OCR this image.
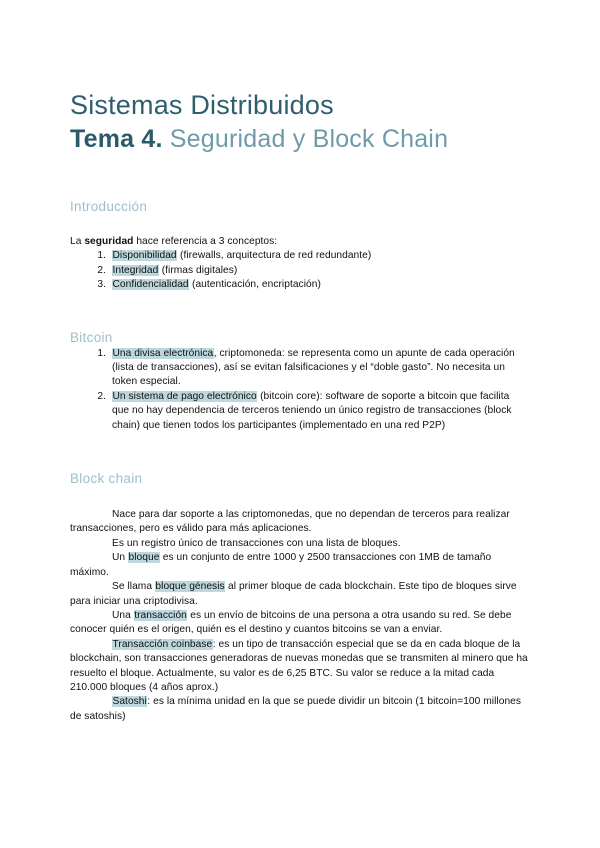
Sistemas Distribuidos
Tema 4. Seguridad y Block Chain
Introducción

La seguridad hace referencia a 3 conceptos:

1. Disponibilidad (firewalls, arquitectura de red redundante)
2. Integridad (firmas digitales)
3. Confidencialidad (autenticación, encriptación)
Bitcoin
1. Una divisa electrónica, criptomoneda: se representa como un apunte de cada operación (lista de transacciones), así se evitan falsificaciones y el “doble gasto”. No necesita un token especial.
2. Un sistema de pago electrónico (bitcoin core): software de soporte a bitcoin que facilita que no hay dependencia de terceros teniendo un único registro de transacciones (block chain) que tienen todos los participantes (implementado en una red P2P)
Block chain

Nace para dar soporte a las criptomonedas, que no dependan de terceros para realizar transacciones, pero es válido para más aplicaciones.

Es un registro único de transacciones con una lista de bloques.

Un bloque es un conjunto de entre 1000 y 2500 transacciones con 1MB de tamaño máximo.

Se llama bloque génesis al primer bloque de cada blockchain. Este tipo de bloques sirve para iniciar una criptodivisa.

Una transacción es un envío de bitcoins de una persona a otra usando su red. Se debe conocer quién es el origen, quién es el destino y cuantos bitcoins se van a enviar.

Transacción coinbase: es un tipo de transacción especial que se da en cada bloque de la blockchain, son transacciones generadoras de nuevas monedas que se transmiten al minero que ha resuelto el bloque. Actualmente, su valor es de 6,25 BTC. Su valor se reduce a la mitad cada 210.000 bloques (4 años aprox.)

Satoshi: es la mínima unidad en la que se puede dividir un bitcoin (1 bitcoin=100 millones de satoshis)
